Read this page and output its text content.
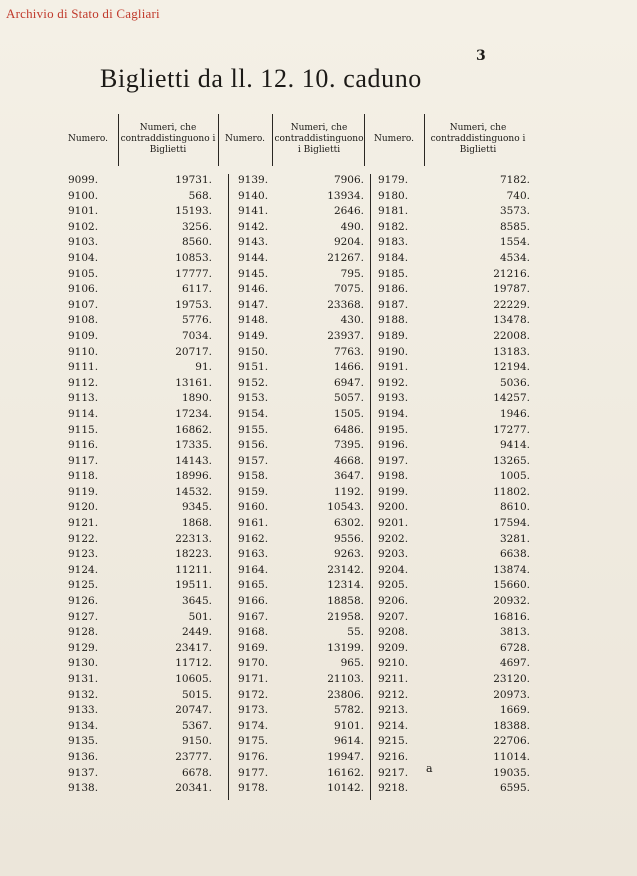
Archivio di Stato di Cagliari
3
Biglietti da ll. 12. 10. caduno
Numero.
Numeri, che contraddistinguono i Biglietti
Numero.
Numeri, che contraddistinguono i Biglietti
Numero.
Numeri, che contraddistinguono i Biglietti
9099.	19731. 9139.	7906. 9179.	7182.
9100.	568. 9140.	13934. 9180.	740.
9101.	15193. 9141.	2646. 9181.	3573.
9102.	3256. 9142.	490. 9182.	8585.
9103.	8560. 9143.	9204. 9183.	1554.
9104.	10853. 9144.	21267. 9184.	4534.
9105.	17777. 9145.	795. 9185.	21216.
9106.	6117. 9146.	7075. 9186.	19787.
9107.	19753. 9147.	23368. 9187.	22229.
9108.	5776. 9148.	430. 9188.	13478.
9109.	7034. 9149.	23937. 9189.	22008.
9110.	20717. 9150.	7763. 9190.	13183.
9111.	91. 9151.	1466. 9191.	12194.
9112.	13161. 9152.	6947. 9192.	5036.
9113.	1890. 9153.	5057. 9193.	14257.
9114.	17234. 9154.	1505. 9194.	1946.
9115.	16862. 9155.	6486. 9195.	17277.
9116.	17335. 9156.	7395. 9196.	9414.
9117.	14143. 9157.	4668. 9197.	13265.
9118.	18996. 9158.	3647. 9198.	1005.
9119.	14532. 9159.	1192. 9199.	11802.
9120.	9345. 9160.	10543. 9200.	8610.
9121.	1868. 9161.	6302. 9201.	17594.
9122.	22313. 9162.	9556. 9202.	3281.
9123.	18223. 9163.	9263. 9203.	6638.
9124.	11211. 9164.	23142. 9204.	13874.
9125.	19511. 9165.	12314. 9205.	15660.
9126.	3645. 9166.	18858. 9206.	20932.
9127.	501. 9167.	21958. 9207.	16816.
9128.	2449. 9168.	55. 9208.	3813.
9129.	23417. 9169.	13199. 9209.	6728.
9130.	11712. 9170.	965. 9210.	4697.
9131.	10605. 9171.	21103. 9211.	23120.
9132.	5015. 9172.	23806. 9212.	20973.
9133.	20747. 9173.	5782. 9213.	1669.
9134.	5367. 9174.	9101. 9214.	18388.
9135.	9150. 9175.	9614. 9215.	22706.
9136.	23777. 9176.	19947. 9216.	11014.
9137.	6678. 9177.	16162. 9217.	19035.
9138.	20341. 9178.	10142. 9218.	6595.
a
